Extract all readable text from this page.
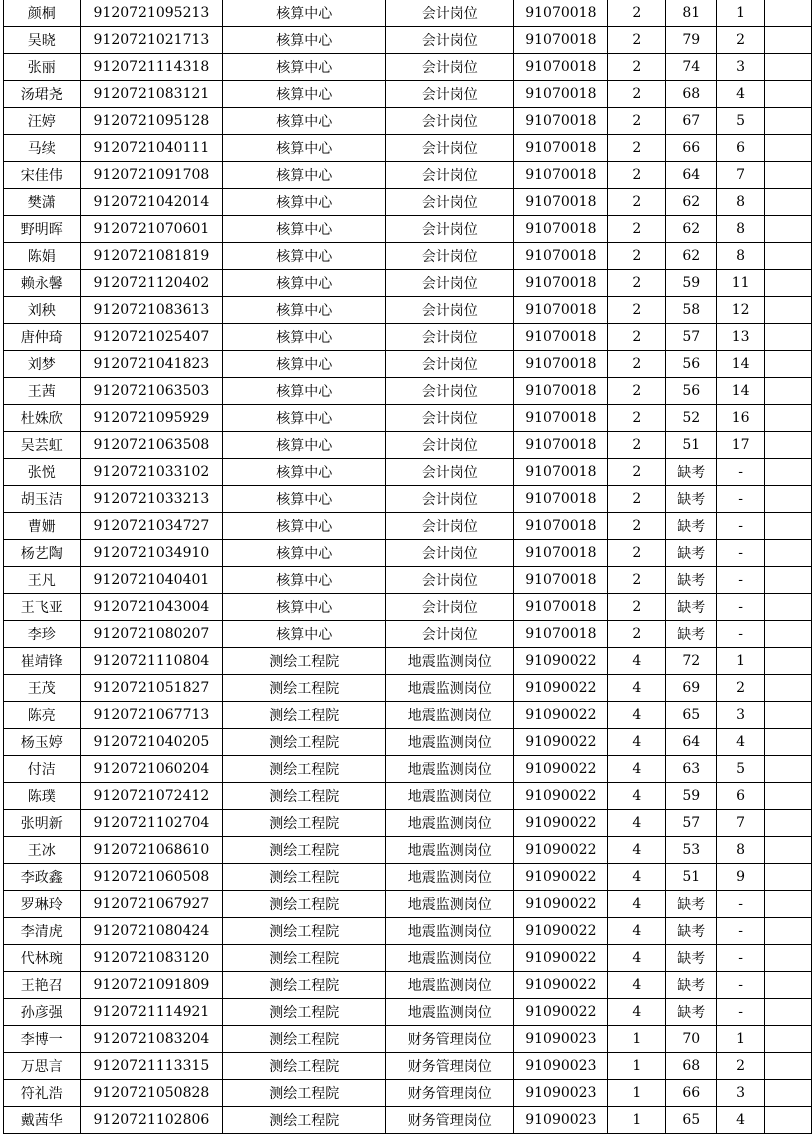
颜桐	9120721095213	核算中心	会计岗位	91070018	2	81	1	
吴晓	9120721021713	核算中心	会计岗位	91070018	2	79	2	
张丽	9120721114318	核算中心	会计岗位	91070018	2	74	3	
汤珺尧	9120721083121	核算中心	会计岗位	91070018	2	68	4	
汪婷	9120721095128	核算中心	会计岗位	91070018	2	67	5	
马续	9120721040111	核算中心	会计岗位	91070018	2	66	6	
宋佳伟	9120721091708	核算中心	会计岗位	91070018	2	64	7	
樊潇	9120721042014	核算中心	会计岗位	91070018	2	62	8	
野明晖	9120721070601	核算中心	会计岗位	91070018	2	62	8	
陈娟	9120721081819	核算中心	会计岗位	91070018	2	62	8	
赖永馨	9120721120402	核算中心	会计岗位	91070018	2	59	11	
刘秧	9120721083613	核算中心	会计岗位	91070018	2	58	12	
唐仲琦	9120721025407	核算中心	会计岗位	91070018	2	57	13	
刘梦	9120721041823	核算中心	会计岗位	91070018	2	56	14	
王茜	9120721063503	核算中心	会计岗位	91070018	2	56	14	
杜姝欣	9120721095929	核算中心	会计岗位	91070018	2	52	16	
吴芸虹	9120721063508	核算中心	会计岗位	91070018	2	51	17	
张悦	9120721033102	核算中心	会计岗位	91070018	2	缺考	-	
胡玉洁	9120721033213	核算中心	会计岗位	91070018	2	缺考	-	
曹姗	9120721034727	核算中心	会计岗位	91070018	2	缺考	-	
杨艺陶	9120721034910	核算中心	会计岗位	91070018	2	缺考	-	
王凡	9120721040401	核算中心	会计岗位	91070018	2	缺考	-	
王飞亚	9120721043004	核算中心	会计岗位	91070018	2	缺考	-	
李珍	9120721080207	核算中心	会计岗位	91070018	2	缺考	-	
崔靖锋	9120721110804	测绘工程院	地震监测岗位	91090022	4	72	1	
王茂	9120721051827	测绘工程院	地震监测岗位	91090022	4	69	2	
陈亮	9120721067713	测绘工程院	地震监测岗位	91090022	4	65	3	
杨玉婷	9120721040205	测绘工程院	地震监测岗位	91090022	4	64	4	
付洁	9120721060204	测绘工程院	地震监测岗位	91090022	4	63	5	
陈璞	9120721072412	测绘工程院	地震监测岗位	91090022	4	59	6	
张明新	9120721102704	测绘工程院	地震监测岗位	91090022	4	57	7	
王冰	9120721068610	测绘工程院	地震监测岗位	91090022	4	53	8	
李政鑫	9120721060508	测绘工程院	地震监测岗位	91090022	4	51	9	
罗琳玲	9120721067927	测绘工程院	地震监测岗位	91090022	4	缺考	-	
李清虎	9120721080424	测绘工程院	地震监测岗位	91090022	4	缺考	-	
代林琬	9120721083120	测绘工程院	地震监测岗位	91090022	4	缺考	-	
王艳召	9120721091809	测绘工程院	地震监测岗位	91090022	4	缺考	-	
孙彦强	9120721114921	测绘工程院	地震监测岗位	91090022	4	缺考	-	
李博一	9120721083204	测绘工程院	财务管理岗位	91090023	1	70	1	
万思言	9120721113315	测绘工程院	财务管理岗位	91090023	1	68	2	
符礼浩	9120721050828	测绘工程院	财务管理岗位	91090023	1	66	3	
戴茜华	9120721102806	测绘工程院	财务管理岗位	91090023	1	65	4	
